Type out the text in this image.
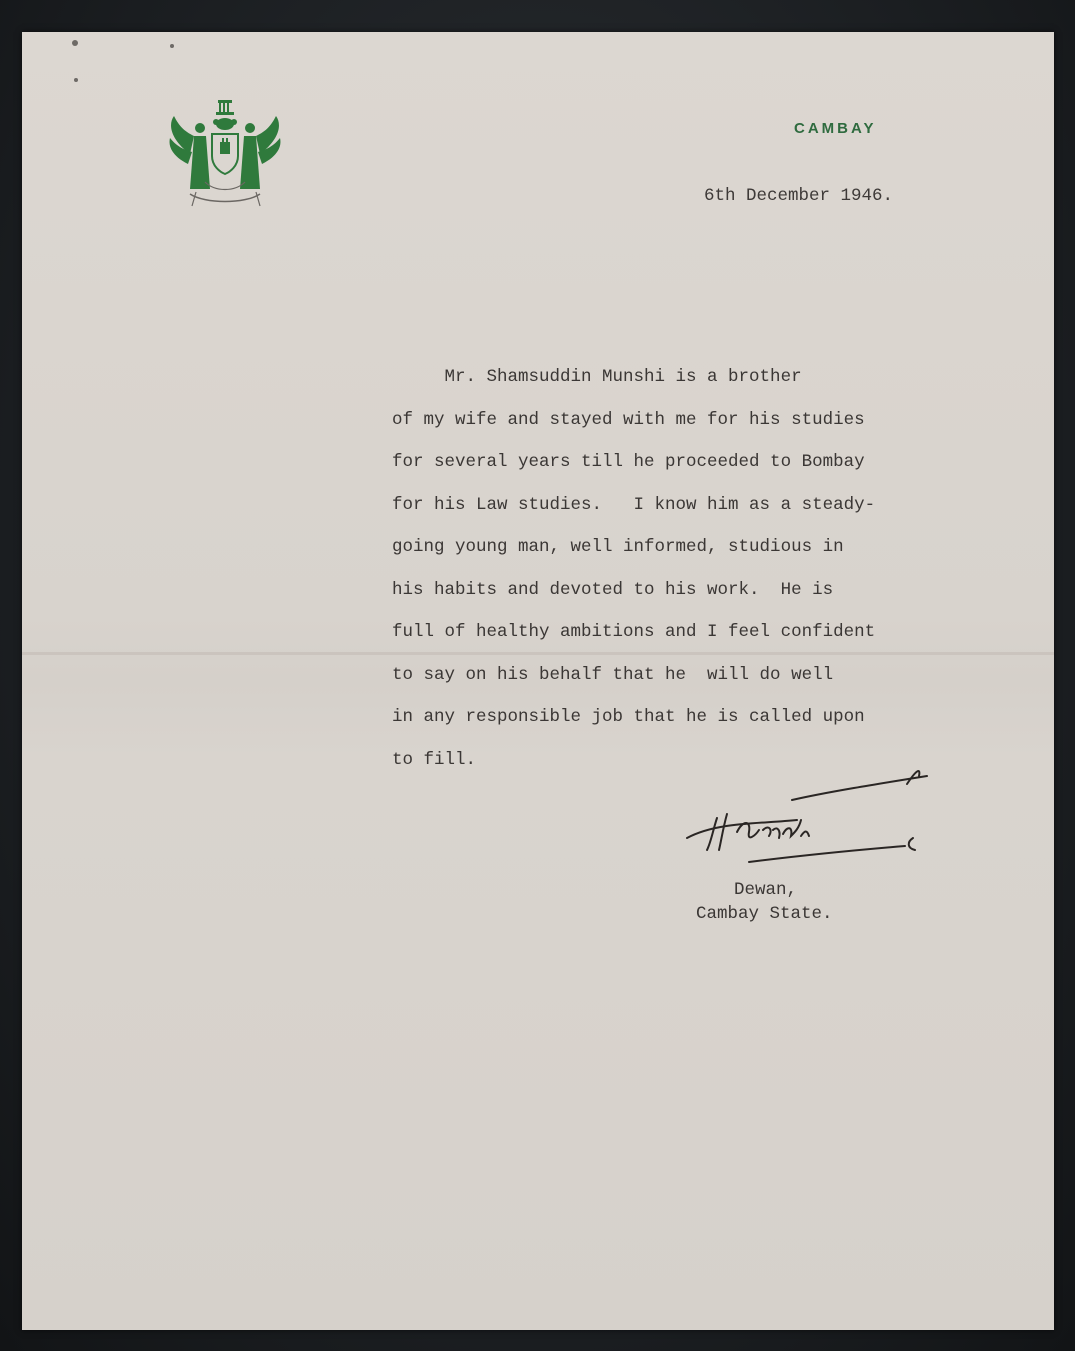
CAMBAY
6th December 1946.
Mr. Shamsuddin Munshi is a brother
of my wife and stayed with me for his studies
for several years till he proceeded to Bombay
for his Law studies.   I know him as a steady-
going young man, well informed, studious in
his habits and devoted to his work.  He is
full of healthy ambitions and I feel confident
to say on his behalf that he  will do well
in any responsible job that he is called upon
to fill.
Dewan,
Cambay State.
